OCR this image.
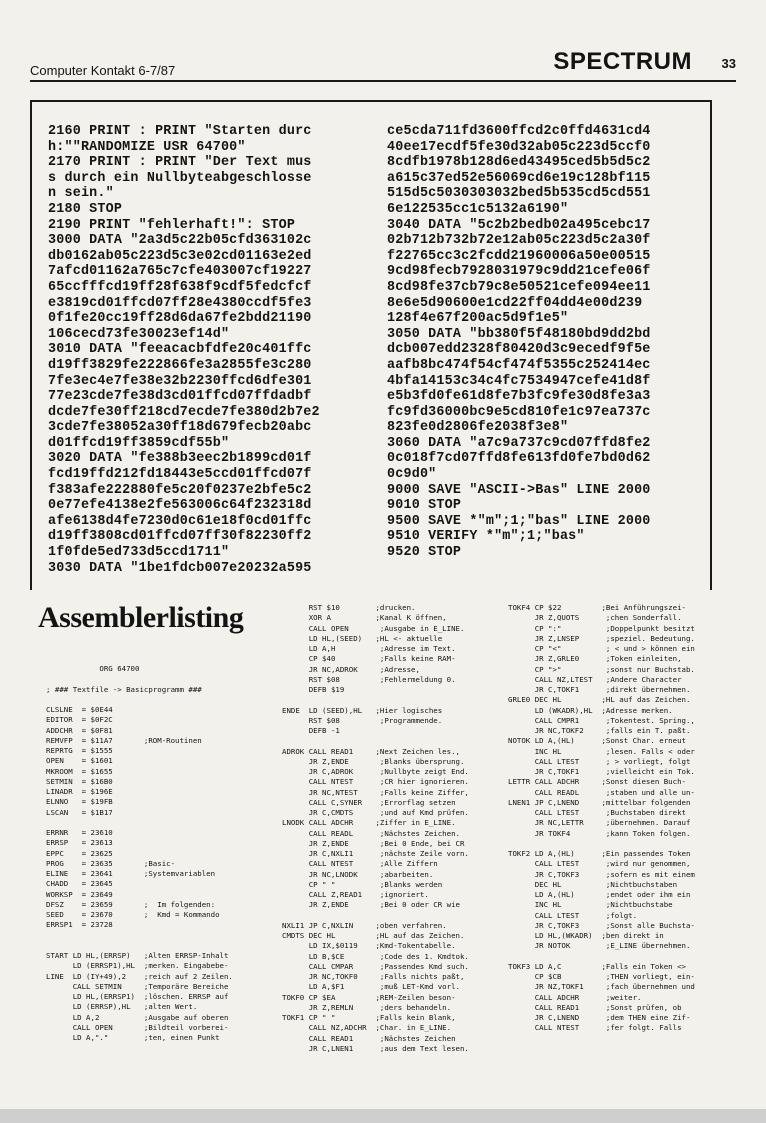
Computer Kontakt 6-7/87	SPECTRUM 33
2160 PRINT : PRINT "Starten durc
h:""RANDOMIZE USR 64700"
2170 PRINT : PRINT "Der Text mus
s durch ein Nullbyteabgeschlosse
n sein."
2180 STOP
2190 PRINT "fehlerhaft!": STOP
3000 DATA "2a3d5c22b05cfd363102c
db0162ab05c223d5c3e02cd01163e2ed
7afcd01162a765c7cfe403007cf19227
65ccfffcd19ff28f638f9cdf5fedcfcf
e3819cd01ffcd07ff28e4380ccdf5fe3
0f1fe20cc19ff28d6da67fe2bdd21190
106cecd73fe30023ef14d"
3010 DATA "feeacacbfdfe20c401ffc
d19ff3829fe222866fe3a2855fe3c280
7fe3ec4e7fe38e32b2230ffcd6dfe301
77e23cde7fe38d3cd01ffcd07ffdadbf
dcde7fe30ff218cd7ecde7fe380d2b7e2
3cde7fe38052a30ff18d679fecb20abc
d01ffcd19ff3859cdf55b"
3020 DATA "fe388b3eec2b1899cd01f
fcd19ffd212fd18443e5ccd01ffcd07f
f383afe222880fe5c20f0237e2bfe5c2
0e77efe4138e2fe563006c64f232318d
afe6138d4fe7230d0c61e18f0cd01ffc
d19ff3808cd01ffcd07ff30f82230ff2
1f0fde5ed733d5ccd1711"
3030 DATA "1be1fdcb007e20232a595
ce5cda711fd3600ffcd2c0ffd4631cd4
40ee17ecdf5fe30d32ab05c223d5ccf0
8cdfb1978b128d6ed43495ced5b5d5c2
a615c37ed52e56069cd6e19c128bf115
515d5c5030303032bed5b535cd5cd551
6e122535cc1c5132a6190"
3040 DATA "5c2b2bedb02a495cebc17
02b712b732b72e12ab05c223d5c2a30f
f22765cc3c2fcdd21960006a50e00515
9cd98fecb7928031979c9dd21cefe06f
8cd98fe37cb79c8e50521cefe094ee11
8e6e5d90600e1cd22ff04dd4e00d239
128f4e67f200ac5d9f1e5"
3050 DATA "bb380f5f48180bd9dd2bd
dcb007edd2328f80420d3c9ecedf9f5e
aafb8bc474f54cf474f5355c252414ec
4bfa14153c34c4fc7534947cefe41d8f
e5b3fd0fe61d8fe7b3fc9fe30d8fe3a3
fc9fd36000bc9e5cd810fe1c97ea737c
823fe0d2806fe2038f3e8"
3060 DATA "a7c9a737c9cd07ffd8fe2
0c018f7cd07ffd8fe613fd0fe7bd0d62
0c9d0"
9000 SAVE "ASCII->Bas" LINE 2000
9010 STOP
9500 SAVE *"m";1;"bas" LINE 2000
9510 VERIFY *"m";1;"bas"
9520 STOP
Assemblerlisting
ORG 64700
; ### Textfile -> Basicprogramm ###
CLSLNE  = $0E44
EDITOR  = $0F2C
ADDCHR  = $0F81
REMVFP  = $11A7       ;ROM-Routinen
REPRTG  = $1555
OPEN    = $1601
MKROOM  = $1655
SETMIN  = $16B0
LINADR  = $196E
ELNNO   = $19FB
LSCAN   = $1B17
ERRNR   = 23610
ERRSP   = 23613
EPPC    = 23625
PROG    = 23635       ;Basic-
ELINE   = 23641       ;Systemvariablen
CHADD   = 23645
WORKSP  = 23649
DFSZ    = 23659       ;  Im folgenden:
SEED    = 23670       ;  Kmd = Kommando
ERRSP1  = 23728
START LD HL,(ERRSP)   ;Alten ERRSP-Inhalt
LD (ERRSP1),HL  ;merken. Eingabebe-
LINE  LD (IY+49),2    ;reich auf 2 Zeilen.
CALL SETMIN     ;Temporäre Bereiche
LD HL,(ERRSP1)  ;löschen. ERRSP auf
LD (ERRSP),HL   ;alten Wert.
LD A,2          ;Ausgabe auf oberen
CALL OPEN       ;Bildteil vorberei-
LD A,"."        ;ten, einen Punkt
RST $10        ;drucken.
XOR A          ;Kanal K öffnen,
CALL OPEN       ;Ausgabe in E_LINE.
LD HL,(SEED)   ;HL <- aktuelle
LD A,H          ;Adresse im Text.
CP $40          ;Falls keine RAM-
JR NC,ADROK     ;Adresse,
RST $08         ;Fehlermeldung 0.
DEFB $19
ENDE  LD (SEED),HL   ;Hier logisches
RST $08         ;Programmende.
DEFB -1
ADROK CALL READ1     ;Next Zeichen les.,
JR Z,ENDE       ;Blanks übersprung.
JR C,ADROK      ;Nullbyte zeigt End.
CALL NTEST      ;CR hier ignorieren.
JR NC,NTEST     ;Falls keine Ziffer,
CALL C,SYNER    ;Errorflag setzen
JR C,CMDTS      ;und auf Kmd prüfen.
LNODK CALL ADCHR     ;Ziffer in E_LINE.
CALL READL      ;Nächstes Zeichen.
JR Z,ENDE       ;Bei 0 Ende, bei CR
JR C,NXLI1      ;nächste Zeile vorn.
CALL NTEST      ;Alle Ziffern
JR NC,LNODK     ;abarbeiten.
CP " "          ;Blanks werden
CALL Z,READ1    ;ignoriert.
JR Z,ENDE       ;Bei 0 oder CR wie
NXLI1 JP C,NXLIN     ;oben verfahren.
CMDTS DEC HL         ;HL auf das Zeichen.
LD IX,$0119    ;Kmd-Tokentabelle.
LD B,$CE        ;Code des 1. Kmdtok.
CALL CMPAR      ;Passendes Kmd such.
JR NC,TOKF0     ;Falls nichts paßt,
LD A,$F1        ;muß LET-Kmd vorl.
TOKF0 CP $EA         ;REM-Zeilen beson-
JR Z,REMLN      ;ders behandeln.
TOKF1 CP " "         ;Falls kein Blank,
CALL NZ,ADCHR  ;Char. in E_LINE.
CALL READ1      ;Nächstes Zeichen
JR C,LNEN1      ;aus dem Text lesen.
TOKF4 CP $22         ;Bei Anführungszei-
JR Z,QUOTS      ;chen Sonderfall.
CP ":"          ;Doppelpunkt besitzt
JR Z,LNSEP      ;speziel. Bedeutung.
CP "<"          ; < und > können ein
JR Z,GRLE0      ;Token einleiten,
CP ">"          ;sonst nur Buchstab.
CALL NZ,LTEST   ;Andere Character
JR C,TOKF1      ;direkt übernehmen.
GRLE0 DEC HL         ;HL auf das Zeichen.
LD (WKADR),HL  ;Adresse merken.
CALL CMPR1      ;Tokentest. Spring.,
JR NC,TOKF2     ;falls ein T. paßt.
NOTOK LD A,(HL)      ;Sonst Char. erneut
INC HL          ;lesen. Falls < oder
CALL LTEST      ; > vorliegt, folgt
JR C,TOKF1      ;vielleicht ein Tok.
LETTR CALL ADCHR     ;Sonst diesen Buch-
CALL READL      ;staben und alle un-
LNEN1 JP C,LNEND     ;mittelbar folgenden
CALL LTEST      ;Buchstaben direkt
JR NC,LETTR     ;übernehmen. Darauf
JR TOKF4        ;kann Token folgen.
TOKF2 LD A,(HL)      ;Ein passendes Token
CALL LTEST      ;wird nur genommen,
JR C,TOKF3      ;sofern es mit einem
DEC HL          ;Nichtbuchstaben
LD A,(HL)       ;endet oder ihm ein
INC HL          ;Nichtbuchstabe
CALL LTEST      ;folgt.
JR C,TOKF3      ;Sonst alle Buchsta-
LD HL,(WKADR)  ;ben direkt in
JR NOTOK        ;E_LINE übernehmen.
TOKF3 LD A,C         ;Falls ein Token <>
CP $CB          ;THEN vorliegt, ein-
JR NZ,TOKF1     ;fach übernehmen und
CALL ADCHR      ;weiter.
CALL READ1      ;Sonst prüfen, ob
JR C,LNEND      ;dem THEN eine Zif-
CALL NTEST      ;fer folgt. Falls
